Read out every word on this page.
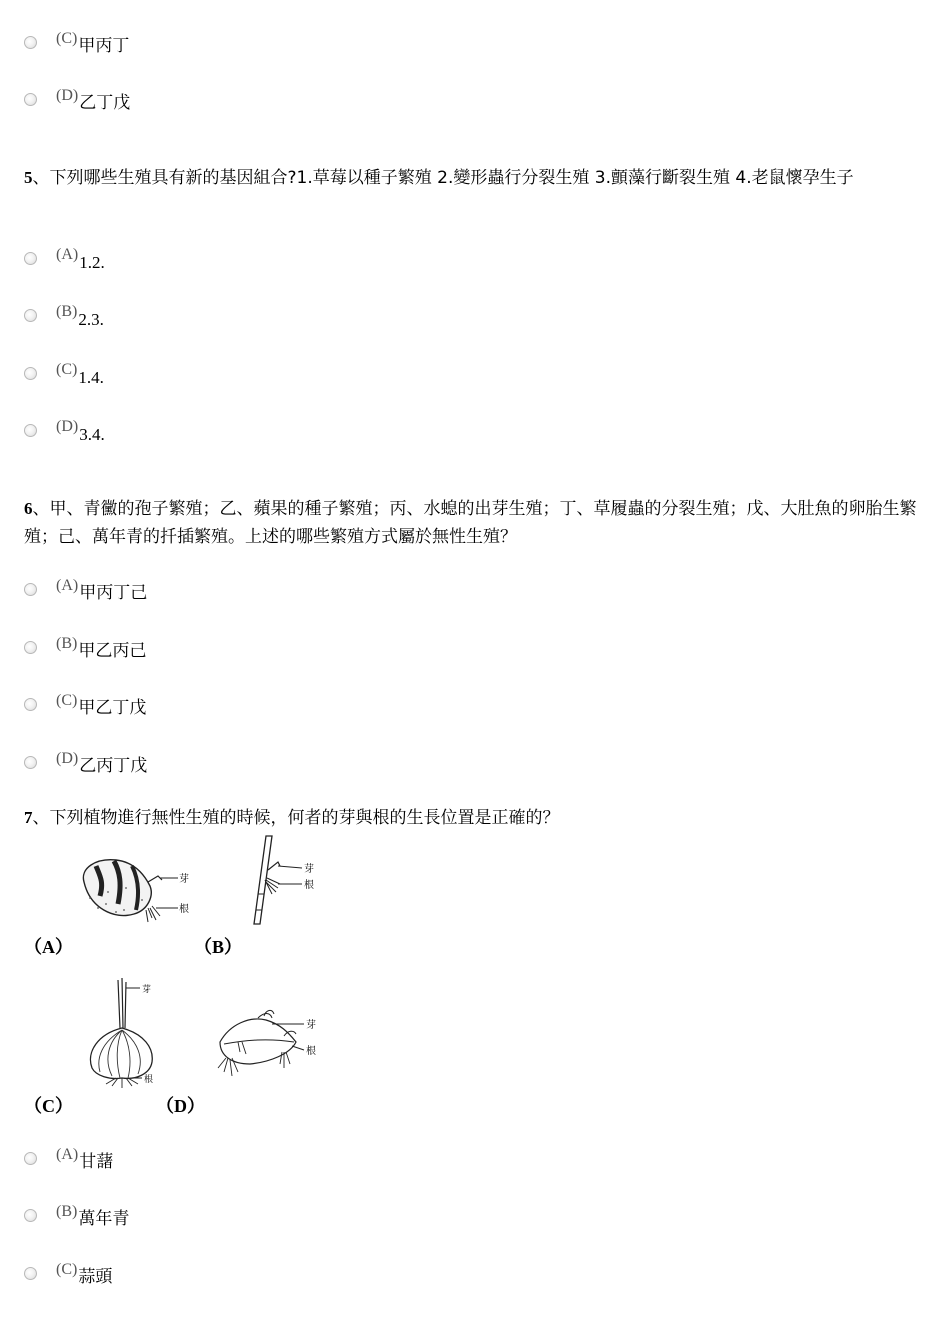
(C) 甲丙丁
(D) 乙丁戊
5、下列哪些生殖具有新的基因組合?1.草莓以種子繁殖 2.變形蟲行分裂生殖 3.顫藻行斷裂生殖 4.老鼠懷孕生子
(A) 1.2.
(B) 2.3.
(C) 1.4.
(D) 3.4.
6、甲、青黴的孢子繁殖；乙、蘋果的種子繁殖；丙、水螅的出芽生殖；丁、草履蟲的分裂生殖；戊、大肚魚的卵胎生繁殖；己、萬年青的扦插繁殖。上述的哪些繁殖方式屬於無性生殖？
(A) 甲丙丁己
(B) 甲乙丙己
(C) 甲乙丁戊
(D) 乙丙丁戊
7、下列植物進行無性生殖的時候，何者的芽與根的生長位置是正確的？
芽
根
芽
根
（A）	（B）
芽
根
芽
根
（C）	（D）
(A) 甘藷
(B) 萬年青
(C) 蒜頭
